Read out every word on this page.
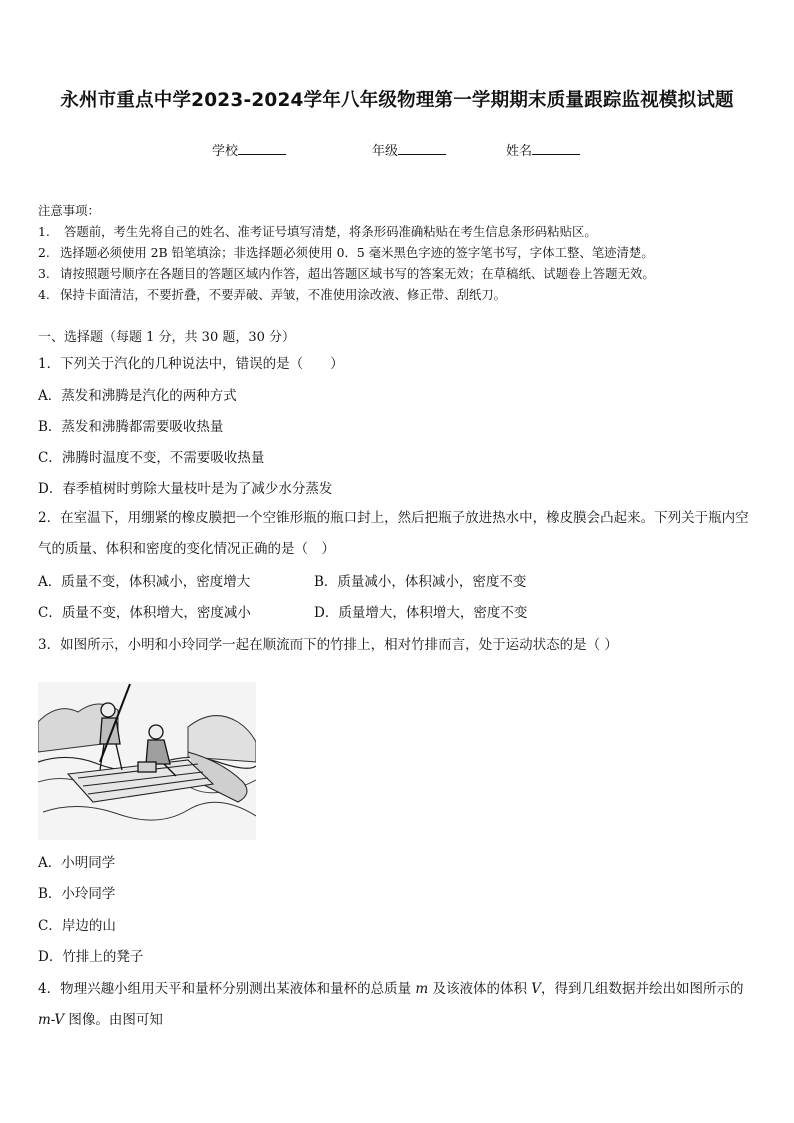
永州市重点中学2023-2024学年八年级物理第一学期期末质量跟踪监视模拟试题
学校	年级	姓名
注意事项：
1. 答题前，考生先将自己的姓名、准考证号填写清楚，将条形码准确粘贴在考生信息条形码粘贴区。
2. 选择题必须使用 2B 铅笔填涂；非选择题必须使用 0．5 毫米黑色字迹的签字笔书写，字体工整、笔迹清楚。
3. 请按照题号顺序在各题目的答题区域内作答，超出答题区域书写的答案无效；在草稿纸、试题卷上答题无效。
4. 保持卡面清洁，不要折叠，不要弄破、弄皱，不准使用涂改液、修正带、刮纸刀。
一、选择题（每题 1 分，共 30 题，30 分）
1．下列关于汽化的几种说法中，错误的是（　　）
A．蒸发和沸腾是汽化的两种方式
B．蒸发和沸腾都需要吸收热量
C．沸腾时温度不变，不需要吸收热量
D．春季植树时剪除大量枝叶是为了减少水分蒸发
2．在室温下，用绷紧的橡皮膜把一个空锥形瓶的瓶口封上，然后把瓶子放进热水中，橡皮膜会凸起来。下列关于瓶内空气的质量、体积和密度的变化情况正确的是（　）
A．质量不变，体积减小，密度增大	B．质量减小，体积减小，密度不变
C．质量不变，体积增大，密度减小	D．质量增大，体积增大，密度不变
3．如图所示，小明和小玲同学一起在顺流而下的竹排上，相对竹排而言，处于运动状态的是（ ）
A．小明同学
B．小玲同学
C．岸边的山
D．竹排上的凳子
4．物理兴趣小组用天平和量杯分别测出某液体和量杯的总质量 m 及该液体的体积 V，得到几组数据并绘出如图所示的
m-V 图像。由图可知
